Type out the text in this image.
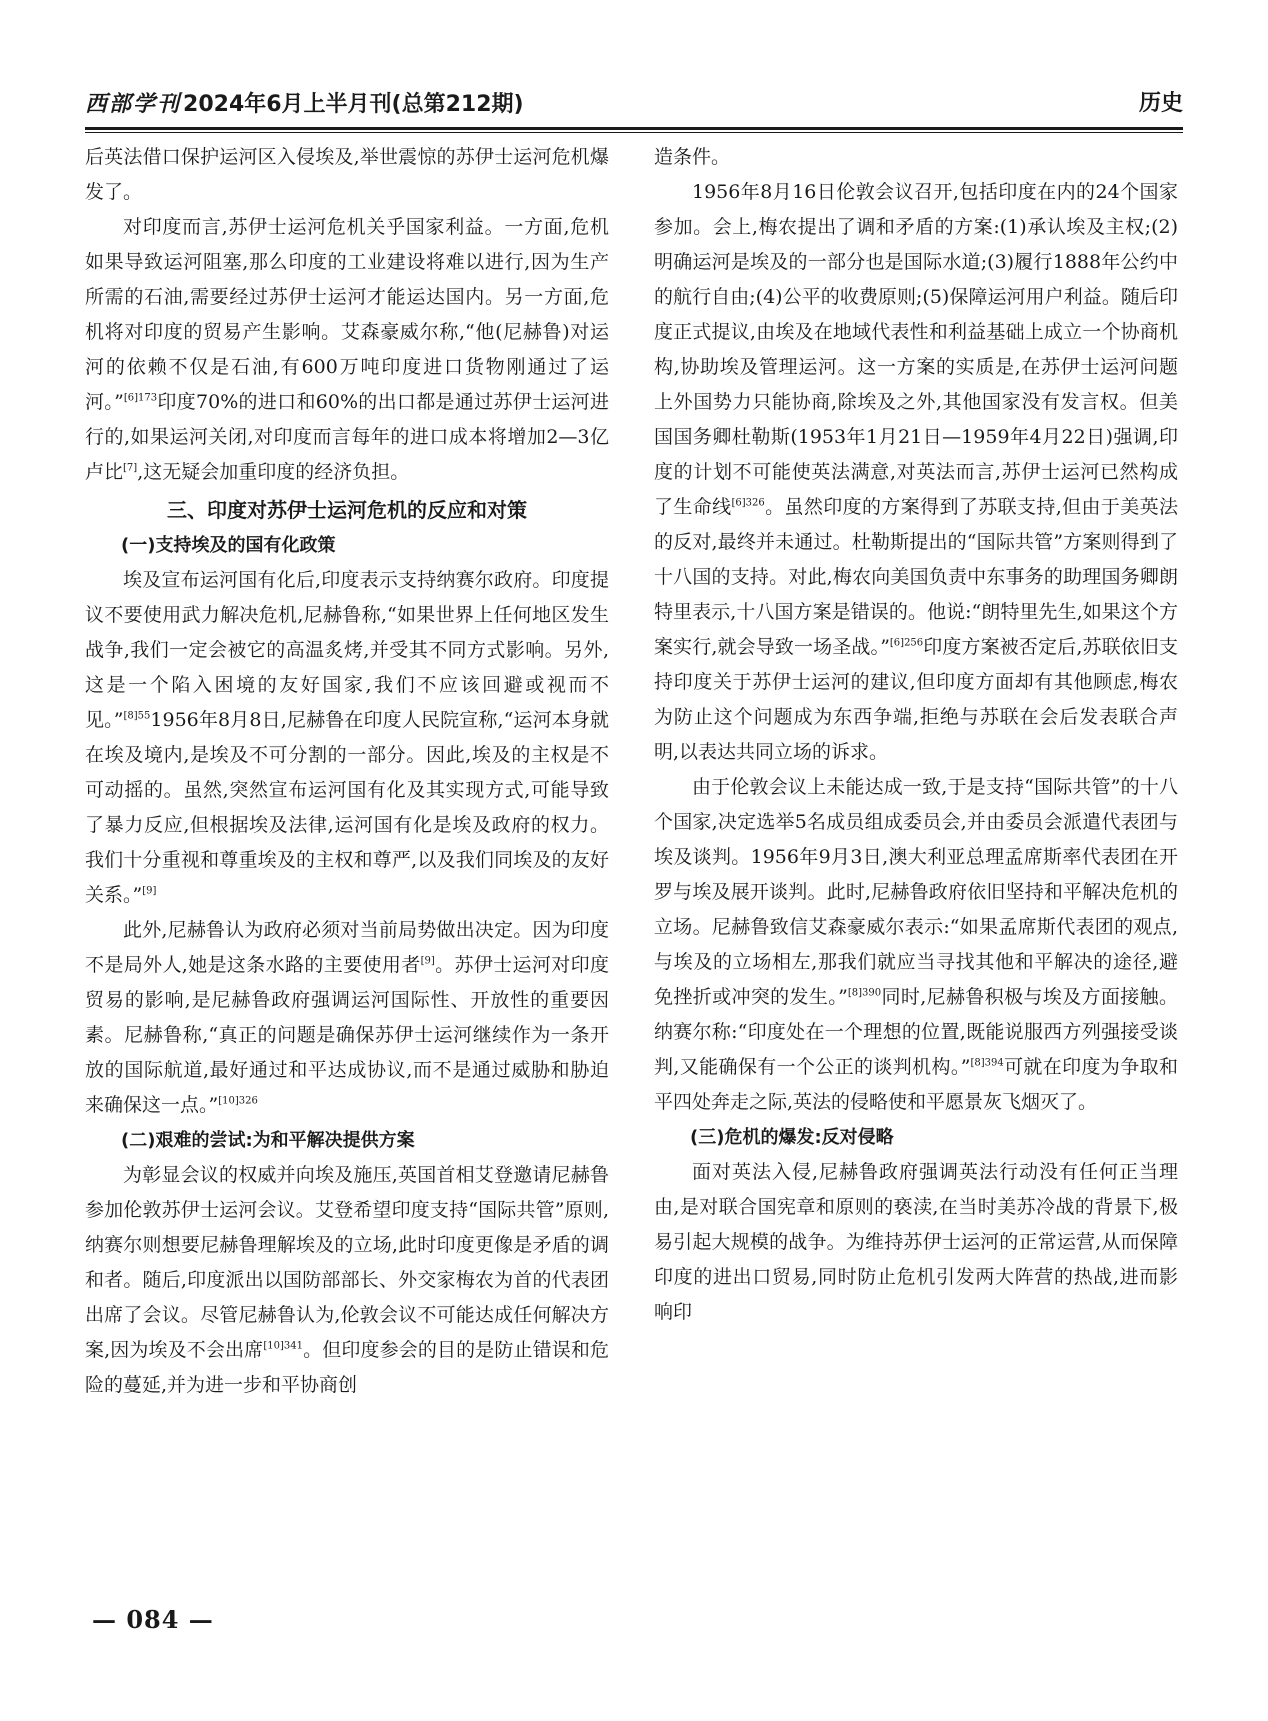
西部学刊2024年6月上半月刊(总第212期)	历史

后英法借口保护运河区入侵埃及,举世震惊的苏伊士运河危机爆发了。

对印度而言,苏伊士运河危机关乎国家利益。一方面,危机如果导致运河阻塞,那么印度的工业建设将难以进行,因为生产所需的石油,需要经过苏伊士运河才能运达国内。另一方面,危机将对印度的贸易产生影响。艾森豪威尔称,“他(尼赫鲁)对运河的依赖不仅是石油,有600万吨印度进口货物刚通过了运河。”$^{[6]173}$印度70%的进口和60%的出口都是通过苏伊士运河进行的,如果运河关闭,对印度而言每年的进口成本将增加2—3亿卢比[7],这无疑会加重印度的经济负担。

三、印度对苏伊士运河危机的反应和对策
(一)支持埃及的国有化政策

埃及宣布运河国有化后,印度表示支持纳赛尔政府。印度提议不要使用武力解决危机,尼赫鲁称,“如果世界上任何地区发生战争,我们一定会被它的高温炙烤,并受其不同方式影响。另外,这是一个陷入困境的友好国家,我们不应该回避或视而不见。”$^{[8]55}$1956年8月8日,尼赫鲁在印度人民院宣称,“运河本身就在埃及境内,是埃及不可分割的一部分。因此,埃及的主权是不可动摇的。虽然,突然宣布运河国有化及其实现方式,可能导致了暴力反应,但根据埃及法律,运河国有化是埃及政府的权力。我们十分重视和尊重埃及的主权和尊严,以及我们同埃及的友好关系。”[9]

此外,尼赫鲁认为政府必须对当前局势做出决定。因为印度不是局外人,她是这条水路的主要使用者[9]。苏伊士运河对印度贸易的影响,是尼赫鲁政府强调运河国际性、开放性的重要因素。尼赫鲁称,“真正的问题是确保苏伊士运河继续作为一条开放的国际航道,最好通过和平达成协议,而不是通过威胁和胁迫来确保这一点。”$^{[10]326}$

(二)艰难的尝试:为和平解决提供方案

为彰显会议的权威并向埃及施压,英国首相艾登邀请尼赫鲁参加伦敦苏伊士运河会议。艾登希望印度支持“国际共管”原则,纳赛尔则想要尼赫鲁理解埃及的立场,此时印度更像是矛盾的调和者。随后,印度派出以国防部部长、外交家梅农为首的代表团出席了会议。尽管尼赫鲁认为,伦敦会议不可能达成任何解决方案,因为埃及不会出席$^{[10]341}$。但印度参会的目的是防止错误和危险的蔓延,并为进一步和平协商创

造条件。

1956年8月16日伦敦会议召开,包括印度在内的24个国家参加。会上,梅农提出了调和矛盾的方案:(1)承认埃及主权;(2)明确运河是埃及的一部分也是国际水道;(3)履行1888年公约中的航行自由;(4)公平的收费原则;(5)保障运河用户利益。随后印度正式提议,由埃及在地域代表性和利益基础上成立一个协商机构,协助埃及管理运河。这一方案的实质是,在苏伊士运河问题上外国势力只能协商,除埃及之外,其他国家没有发言权。但美国国务卿杜勒斯(1953年1月21日—1959年4月22日)强调,印度的计划不可能使英法满意,对英法而言,苏伊士运河已然构成了生命线$^{[6]326}$。虽然印度的方案得到了苏联支持,但由于美英法的反对,最终并未通过。杜勒斯提出的“国际共管”方案则得到了十八国的支持。对此,梅农向美国负责中东事务的助理国务卿朗特里表示,十八国方案是错误的。他说:“朗特里先生,如果这个方案实行,就会导致一场圣战。”$^{[6]256}$印度方案被否定后,苏联依旧支持印度关于苏伊士运河的建议,但印度方面却有其他顾虑,梅农为防止这个问题成为东西争端,拒绝与苏联在会后发表联合声明,以表达共同立场的诉求。

由于伦敦会议上未能达成一致,于是支持“国际共管”的十八个国家,决定选举5名成员组成委员会,并由委员会派遣代表团与埃及谈判。1956年9月3日,澳大利亚总理孟席斯率代表团在开罗与埃及展开谈判。此时,尼赫鲁政府依旧坚持和平解决危机的立场。尼赫鲁致信艾森豪威尔表示:“如果孟席斯代表团的观点,与埃及的立场相左,那我们就应当寻找其他和平解决的途径,避免挫折或冲突的发生。”$^{[8]390}$同时,尼赫鲁积极与埃及方面接触。纳赛尔称:“印度处在一个理想的位置,既能说服西方列强接受谈判,又能确保有一个公正的谈判机构。”$^{[8]394}$可就在印度为争取和平四处奔走之际,英法的侵略使和平愿景灰飞烟灭了。

(三)危机的爆发:反对侵略

面对英法入侵,尼赫鲁政府强调英法行动没有任何正当理由,是对联合国宪章和原则的亵渎,在当时美苏冷战的背景下,极易引起大规模的战争。为维持苏伊士运河的正常运营,从而保障印度的进出口贸易,同时防止危机引发两大阵营的热战,进而影响印

— 084 —
